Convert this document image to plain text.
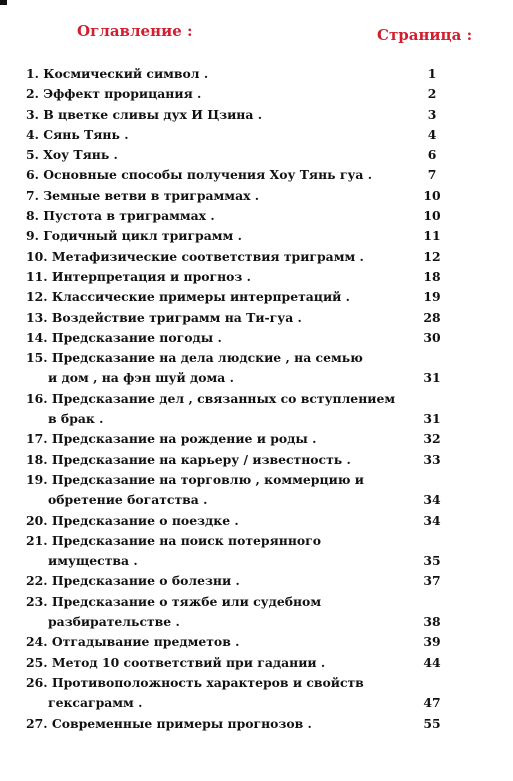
Оглавление :	Страница :
1. Космический символ .	1
2. Эффект прорицания .	2
3. В цветке сливы дух И Цзина .	3
4. Сянь Тянь .	4
5. Хоу Тянь .	6
6. Основные способы получения Хоу Тянь гуа .	7
7. Земные ветви в триграммах .	10
8. Пустота в триграммах .	10
9. Годичный цикл триграмм .	11
10. Метафизические соответствия триграмм .	12
11. Интерпретация и прогноз .	18
12. Классические примеры интерпретаций .	19
13. Воздействие триграмм на Ти-гуа .	28
14. Предсказание погоды .	30
15. Предсказание на дела людские , на семью
и дом , на фэн шуй дома .	31
16. Предсказание дел , связанных со вступлением
в брак .	31
17. Предсказание на рождение и роды .	32
18. Предсказание на карьеру / известность .	33
19. Предсказание на торговлю , коммерцию и
обретение богатства .	34
20. Предсказание о поездке .	34
21. Предсказание на поиск потерянного
имущества .	35
22. Предсказание о болезни .	37
23. Предсказание о тяжбе или судебном
разбирательстве .	38
24. Отгадывание предметов .	39
25. Метод 10 соответствий при гадании .	44
26. Противоположность характеров и свойств
гексаграмм .	47
27. Современные примеры прогнозов .	55
